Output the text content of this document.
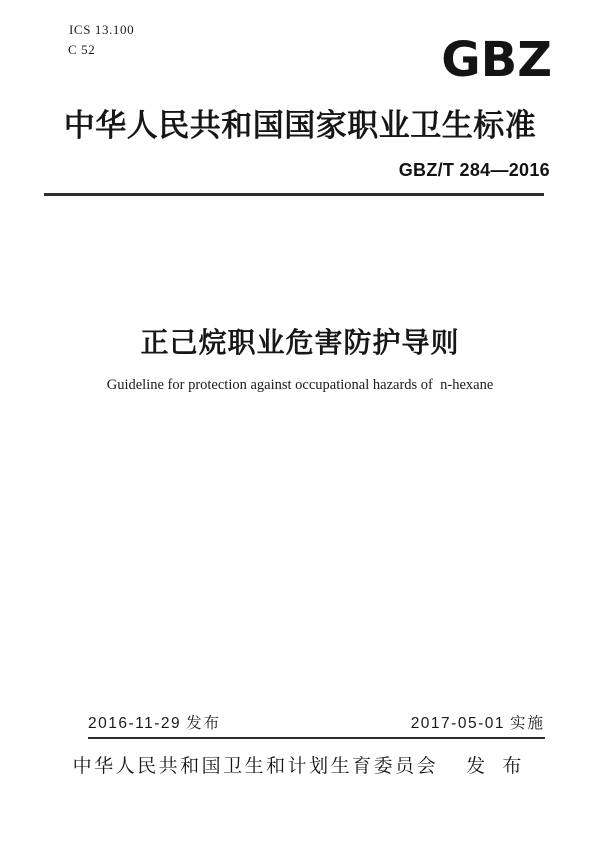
ICS 13.100
C 52	GBZ
中华人民共和国国家职业卫生标准
GBZ/T 284—2016
正己烷职业危害防护导则
Guideline for protection against occupational hazards of  n-hexane
2016-11-29 发布	2017-05-01 实施
中华人民共和国卫生和计划生育委员会 发 布
